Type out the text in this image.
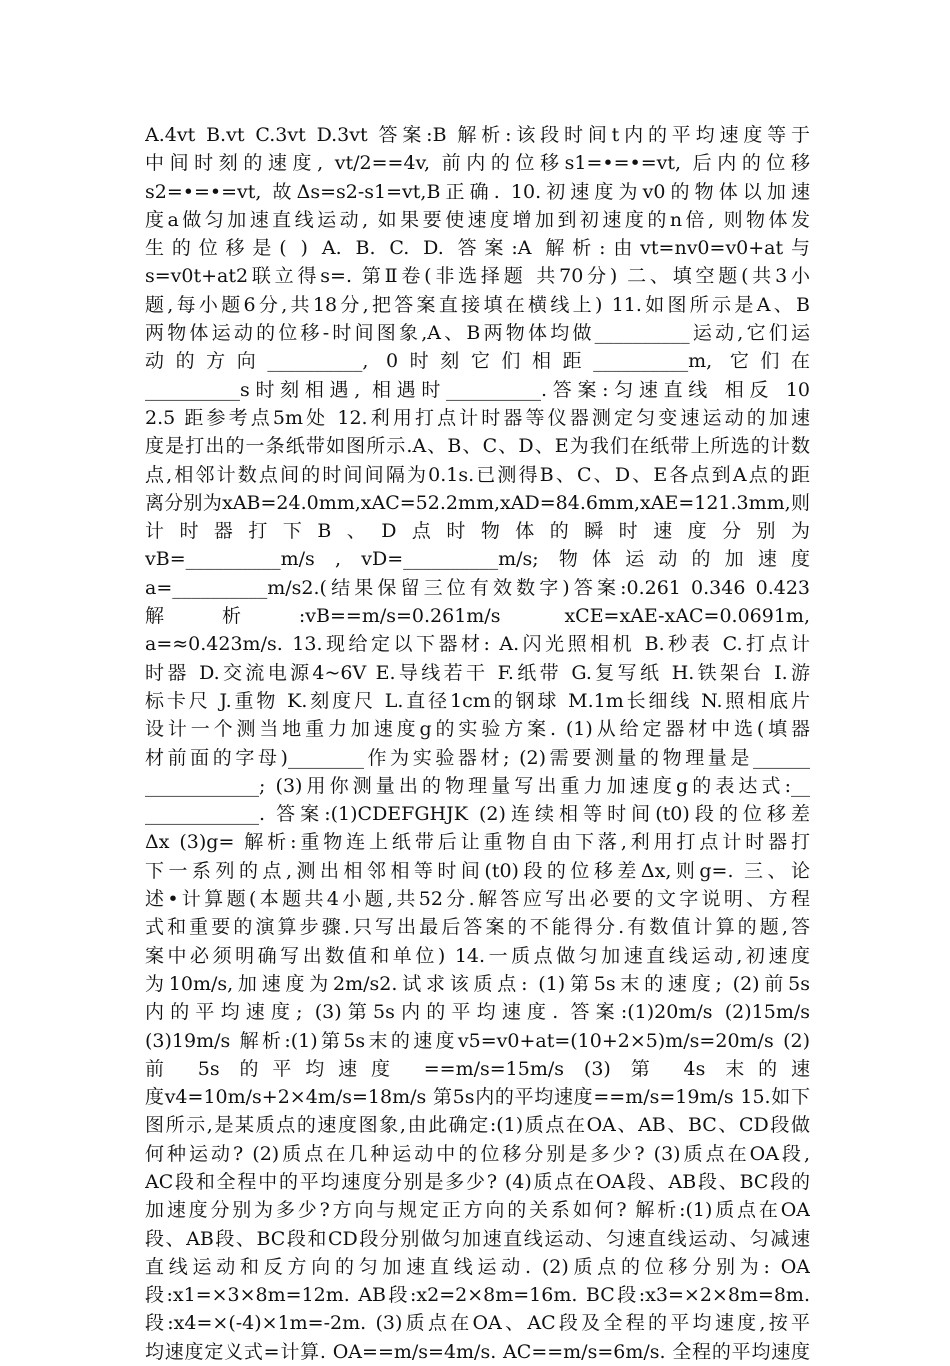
A.4vt B.vt C.3vt D.3vt 答案:B 解析:该段时间t内的平均速度等于
中间时刻的速度, vt/2==4v, 前内的位移s1=•=•=vt, 后内的位移
s2=•=•=vt, 故Δs=s2-s1=vt,B正确. 10.初速度为v0的物体以加速
度a做匀加速直线运动, 如果要使速度增加到初速度的n倍, 则物体发
生的位移是( ) A. B. C. D. 答案:A 解析:由vt=nv0=v0+at与
s=v0t+at2联立得s=. 第Ⅱ卷(非选择题 共70分) 二、填空题(共3小
题,每小题6分,共18分,把答案直接填在横线上) 11.如图所示是A、B
两物体运动的位移-时间图象,A、B两物体均做__________运动,它们运
动的方向__________, 0时刻它们相距__________m, 它们在
__________s时刻相遇, 相遇时__________.答案:匀速直线 相反 10
2.5 距参考点5m处 12.利用打点计时器等仪器测定匀变速运动的加速
度是打出的一条纸带如图所示.A、B、C、D、E为我们在纸带上所选的计数
点,相邻计数点间的时间间隔为0.1s.已测得B、C、D、E各点到A点的距
离分别为xAB=24.0mm,xAC=52.2mm,xAD=84.6mm,xAE=121.3mm,则
计时器打下B、D点时物体的瞬时速度分别为
vB=__________m/s , vD=__________m/s; 物体运动的加速度
a=__________m/s2.(结果保留三位有效数字)答案:0.261 0.346 0.423
解析:vB==m/s=0.261m/s xCE=xAE-xAC=0.0691m,
a=≈0.423m/s. 13.现给定以下器材: A.闪光照相机 B.秒表 C.打点计
时器 D.交流电源4~6V E.导线若干 F.纸带 G.复写纸 H.铁架台 I.游
标卡尺 J.重物 K.刻度尺 L.直径1cm的钢球 M.1m长细线 N.照相底片
设计一个测当地重力加速度g的实验方案. (1)从给定器材中选(填器
材前面的字母)________作为实验器材; (2)需要测量的物理量是______
____________; (3)用你测量出的物理量写出重力加速度g的表达式:__
____________. 答案:(1)CDEFGHJK (2)连续相等时间(t0)段的位移差
Δx (3)g= 解析:重物连上纸带后让重物自由下落,利用打点计时器打
下一系列的点,测出相邻相等时间(t0)段的位移差Δx,则g=. 三、论
述•计算题(本题共4小题,共52分.解答应写出必要的文字说明、方程
式和重要的演算步骤.只写出最后答案的不能得分.有数值计算的题,答
案中必须明确写出数值和单位) 14.一质点做匀加速直线运动,初速度
为10m/s,加速度为2m/s2.试求该质点: (1)第5s末的速度; (2)前5s
内的平均速度; (3)第5s内的平均速度. 答案:(1)20m/s (2)15m/s
(3)19m/s 解析:(1)第5s末的速度v5=v0+at=(10+2×5)m/s=20m/s (2)
前 5s 的平均速度 ==m/s=15m/s (3) 第 4s 末的速
度v4=10m/s+2×4m/s=18m/s 第5s内的平均速度==m/s=19m/s 15.如下
图所示,是某质点的速度图象,由此确定:(1)质点在OA、AB、BC、CD段做
何种运动? (2)质点在几种运动中的位移分别是多少? (3)质点在OA段,
AC段和全程中的平均速度分别是多少? (4)质点在OA段、AB段、BC段的
加速度分别为多少?方向与规定正方向的关系如何? 解析:(1)质点在OA
段、AB段、BC段和CD段分别做匀加速直线运动、匀速直线运动、匀减速
直线运动和反方向的匀加速直线运动. (2)质点的位移分别为: OA
段:x1=×3×8m=12m. AB段:x2=2×8m=16m. BC段:x3=×2×8m=8m.
段:x4=×(-4)×1m=-2m. (3)质点在OA、AC段及全程的平均速度,按平
均速度定义式=计算. OA==m/s=4m/s. AC==m/s=6m/s. 全程的平均速度
